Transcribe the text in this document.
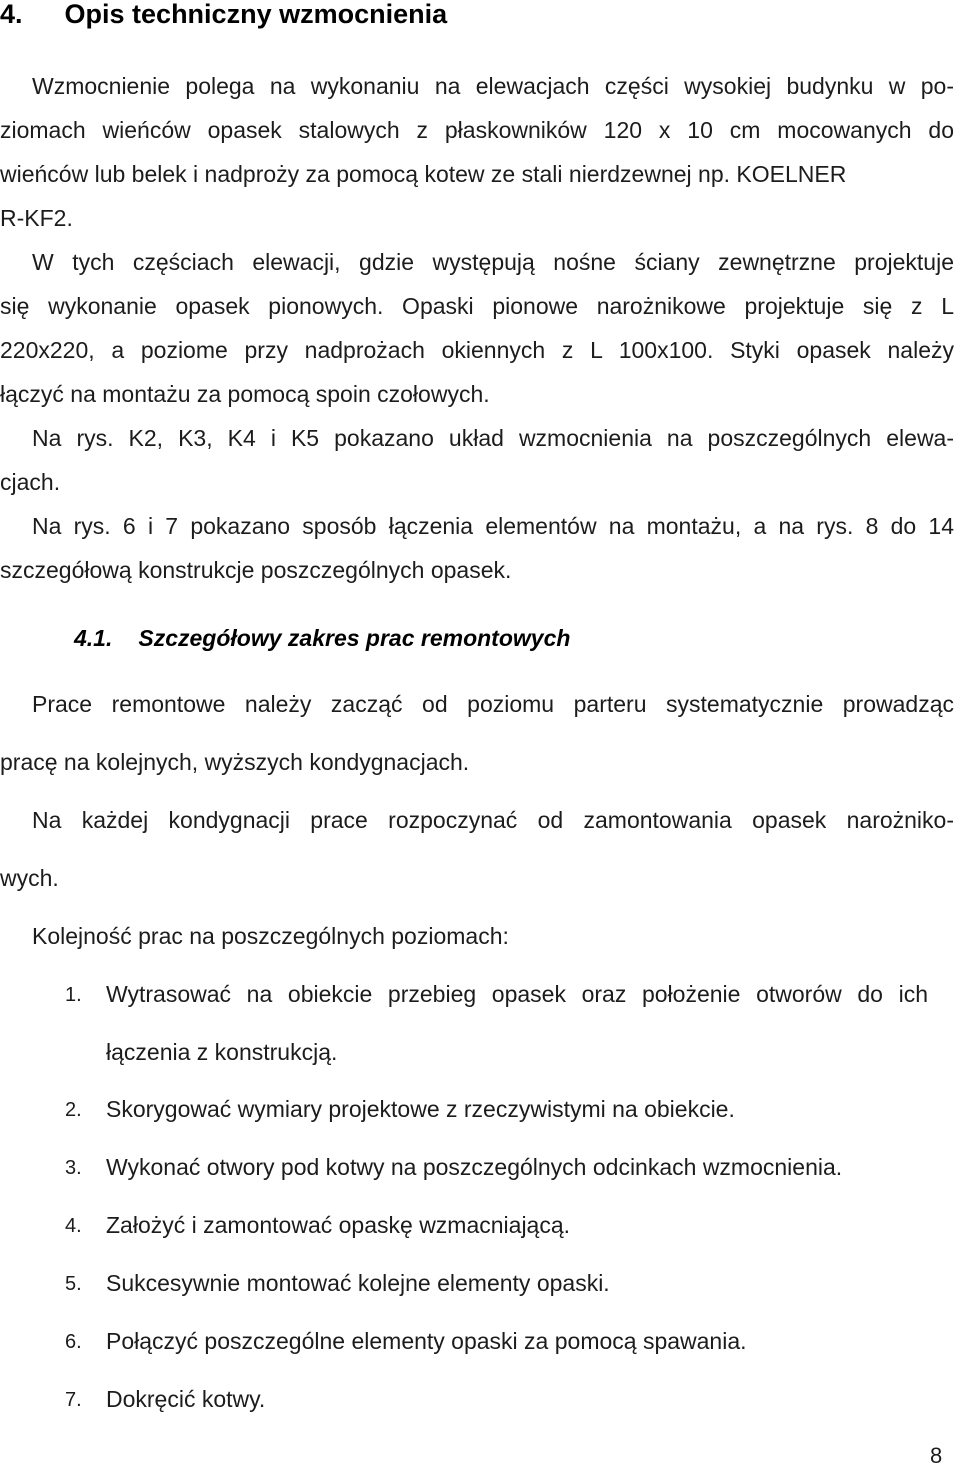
4. Opis techniczny wzmocnienia
Wzmocnienie polega na wykonaniu na elewacjach części wysokiej budynku w po-
ziomach wieńców opasek stalowych z płaskowników 120 x 10 cm mocowanych do
wieńców lub belek i nadproży za pomocą kotew ze stali nierdzewnej np. KOELNER
R-KF2.
W tych częściach elewacji, gdzie występują nośne ściany zewnętrzne projektuje
się wykonanie opasek pionowych. Opaski pionowe narożnikowe projektuje się z L
220x220, a poziome przy nadprożach okiennych z L 100x100. Styki opasek należy
łączyć na montażu za pomocą spoin czołowych.
Na rys. K2, K3, K4 i K5 pokazano układ wzmocnienia na poszczególnych elewa-
cjach.
Na rys. 6 i 7 pokazano sposób łączenia elementów na montażu, a na rys. 8 do 14
szczegółową konstrukcje poszczególnych opasek.
4.1. Szczegółowy zakres prac remontowych
Prace remontowe należy zacząć od poziomu parteru systematycznie prowadząc
pracę na kolejnych, wyższych kondygnacjach.
Na każdej kondygnacji prace rozpoczynać od zamontowania opasek narożniko-
wych.
Kolejność prac na poszczególnych poziomach:
1.	Wytrasować na obiekcie przebieg opasek oraz położenie otworów do ich
łączenia z konstrukcją.
2.	Skorygować wymiary projektowe z rzeczywistymi na obiekcie.
3.	Wykonać otwory pod kotwy na poszczególnych odcinkach wzmocnienia.
4.	Założyć i zamontować opaskę wzmacniającą.
5.	Sukcesywnie montować kolejne elementy opaski.
6.	Połączyć poszczególne elementy opaski za pomocą spawania.
7.	Dokręcić kotwy.
8
